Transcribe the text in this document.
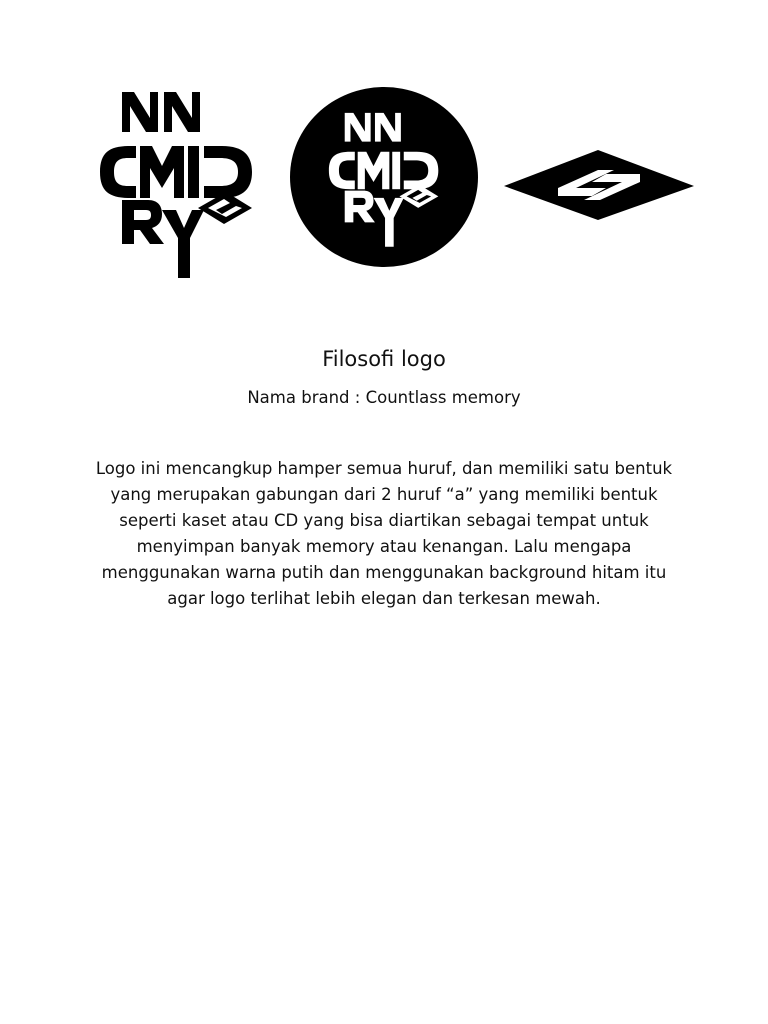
Filosofi logo
Nama brand : Countlass memory
Logo ini mencangkup hamper semua huruf, dan memiliki satu bentuk yang merupakan gabungan dari 2 huruf “a” yang memiliki bentuk seperti kaset atau CD yang bisa diartikan sebagai tempat untuk menyimpan banyak memory atau kenangan. Lalu mengapa menggunakan warna putih dan menggunakan background hitam itu agar logo terlihat lebih elegan dan terkesan mewah.
